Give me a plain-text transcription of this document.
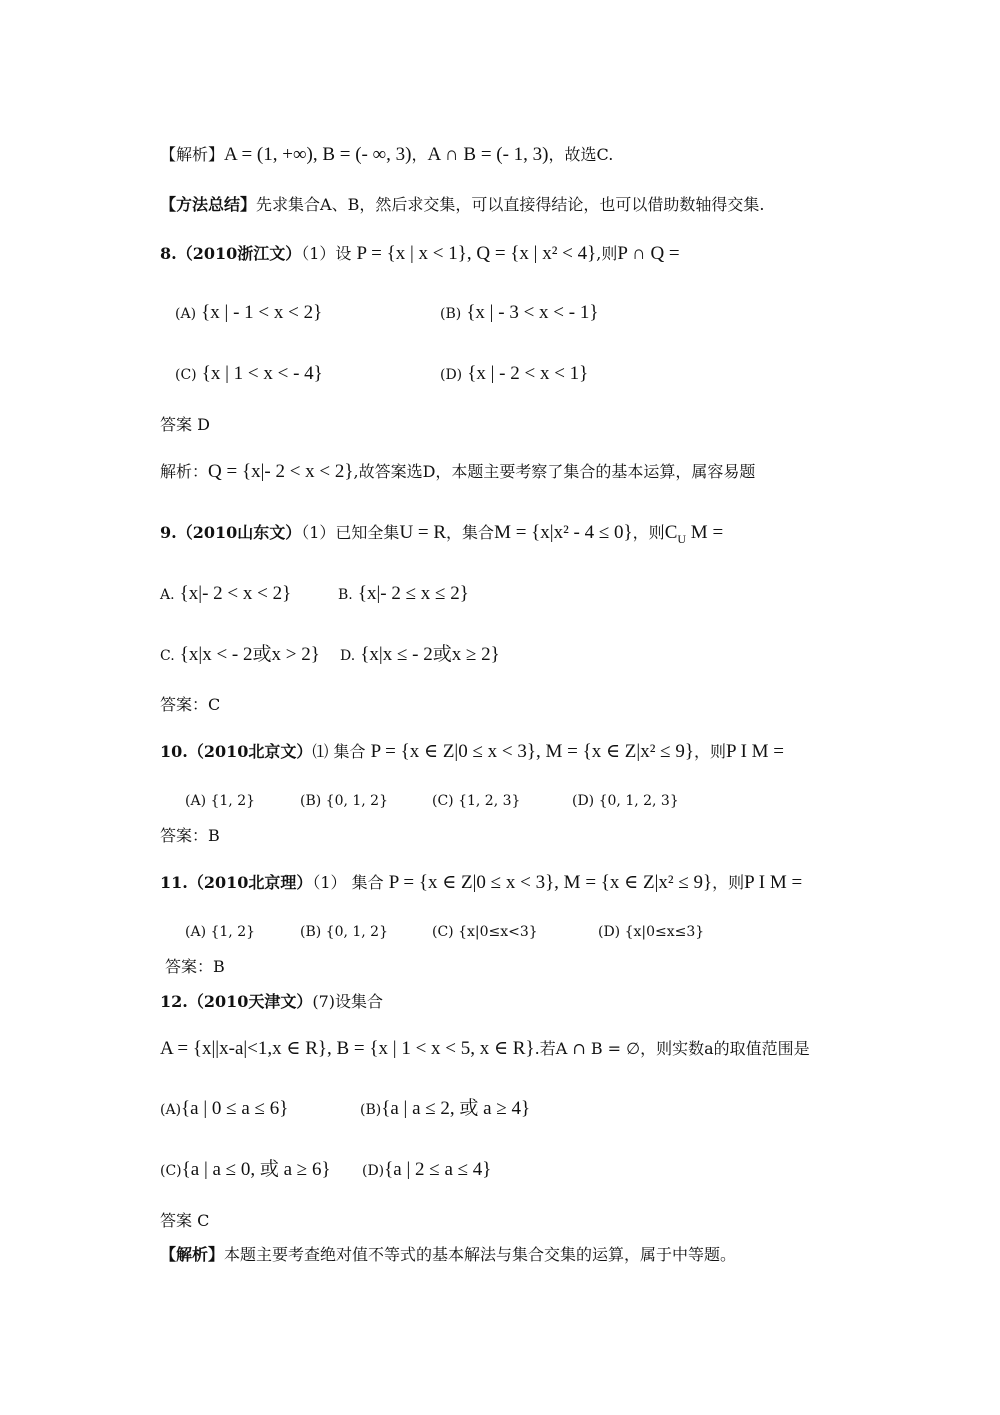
【解析】A = (1, +∞), B = (- ∞, 3)，A ∩ B = (- 1, 3)，故选C.
【方法总结】先求集合A、B，然后求交集，可以直接得结论，也可以借助数轴得交集.
8.（2010浙江文）（1）设 P = {x | x < 1}, Q = {x | x² < 4},则P ∩ Q =
(A) {x | - 1 < x < 2}	(B) {x | - 3 < x < - 1}
(C) {x | 1 < x < - 4}	(D) {x | - 2 < x < 1}
答案 D
解析：Q = {x|- 2 < x < 2},故答案选D，本题主要考察了集合的基本运算，属容易题
9.（2010山东文）（1）已知全集U = R，集合M = {x|x² - 4 ≤ 0}，则$C_U$ M =
A. {x|- 2 < x < 2}	B. {x|- 2 ≤ x ≤ 2}
C. {x|x < - 2或x > 2} D. {x|x ≤ - 2或x ≥ 2}
答案：C
10.（2010北京文）⑴ 集合 P = {x ∈ Z|0 ≤ x < 3}, M = {x ∈ Z|x² ≤ 9}，则P I M =
(A) {1, 2}	(B) {0, 1, 2}	(C) {1, 2, 3}	(D) {0, 1, 2, 3}
答案：B
11.（2010北京理）（1） 集合 P = {x ∈ Z|0 ≤ x < 3}, M = {x ∈ Z|x² ≤ 9}，则P I M =
(A) {1, 2}	(B) {0, 1, 2}	(C) {x|0≤x<3}	(D) {x|0≤x≤3}
答案：B
12.（2010天津文）(7)设集合
A = {x||x-a|<1,x ∈ R}, B = {x | 1 < x < 5, x ∈ R}.若A ∩ B = ∅，则实数a的取值范围是
(A){a | 0 ≤ a ≤ 6}	(B){a | a ≤ 2, 或 a ≥ 4}
(C){a | a ≤ 0, 或 a ≥ 6} (D){a | 2 ≤ a ≤ 4}
答案 C
【解析】本题主要考查绝对值不等式的基本解法与集合交集的运算，属于中等题。
